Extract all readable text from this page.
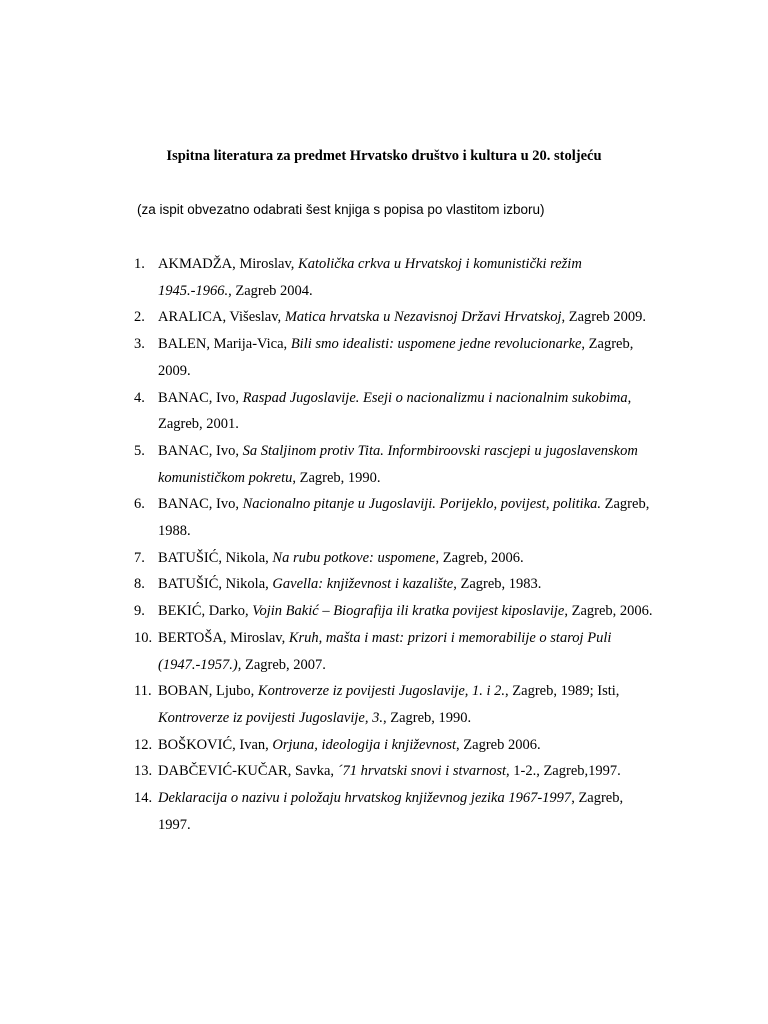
Ispitna literatura za predmet Hrvatsko društvo i kultura u 20. stoljeću
(za ispit obvezatno odabrati šest knjiga s popisa po vlastitom izboru)
1. AKMADŽA, Miroslav, Katolička crkva u Hrvatskoj i komunistički režim 1945.-1966., Zagreb 2004.
2. ARALICA, Višeslav, Matica hrvatska u Nezavisnoj Državi Hrvatskoj, Zagreb 2009.
3. BALEN, Marija-Vica, Bili smo idealisti: uspomene jedne revolucionarke, Zagreb, 2009.
4. BANAC, Ivo, Raspad Jugoslavije. Eseji o nacionalizmu i nacionalnim sukobima, Zagreb, 2001.
5. BANAC, Ivo, Sa Staljinom protiv Tita. Informbiroovski rascjepi u jugoslavenskom komunističkom pokretu, Zagreb, 1990.
6. BANAC, Ivo, Nacionalno pitanje u Jugoslaviji. Porijeklo, povijest, politika. Zagreb, 1988.
7. BATUŠIĆ, Nikola, Na rubu potkove: uspomene, Zagreb, 2006.
8. BATUŠIĆ, Nikola, Gavella: književnost i kazalište, Zagreb, 1983.
9. BEKIĆ, Darko, Vojin Bakić – Biografija ili kratka povijest kiposlavije, Zagreb, 2006.
10. BERTOŠA, Miroslav, Kruh, mašta i mast: prizori i memorabilije o staroj Puli (1947.-1957.), Zagreb, 2007.
11. BOBAN, Ljubo, Kontroverze iz povijesti Jugoslavije, 1. i 2., Zagreb, 1989; Isti, Kontroverze iz povijesti Jugoslavije, 3., Zagreb, 1990.
12. BOŠKOVIĆ, Ivan, Orjuna, ideologija i književnost, Zagreb 2006.
13. DABČEVIĆ-KUČAR, Savka, ´71 hrvatski snovi i stvarnost, 1-2., Zagreb,1997.
14. Deklaracija o nazivu i položaju hrvatskog književnog jezika 1967-1997, Zagreb, 1997.
